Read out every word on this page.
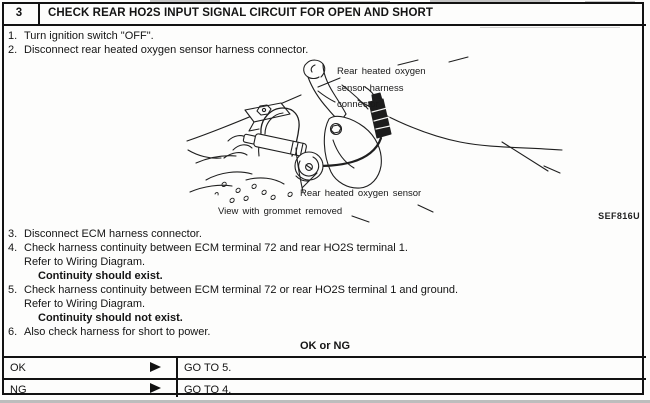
3	CHECK REAR HO2S INPUT SIGNAL CIRCUIT FOR OPEN AND SHORT
1. Turn ignition switch "OFF".
2. Disconnect rear heated oxygen sensor harness connector.
3. Disconnect ECM harness connector.
4. Check harness continuity between ECM terminal 72 and rear HO2S terminal 1.
Refer to Wiring Diagram.
Continuity should exist.
5. Check harness continuity between ECM terminal 72 or rear HO2S terminal 1 and ground.
Refer to Wiring Diagram.
Continuity should not exist.
6. Also check harness for short to power.
OK or NG
Rear heated oxygen
sensor harness
connector
Rear heated oxygen sensor
View with grommet removed	SEF816U
OK	GO TO 5.
NG	GO TO 4.
